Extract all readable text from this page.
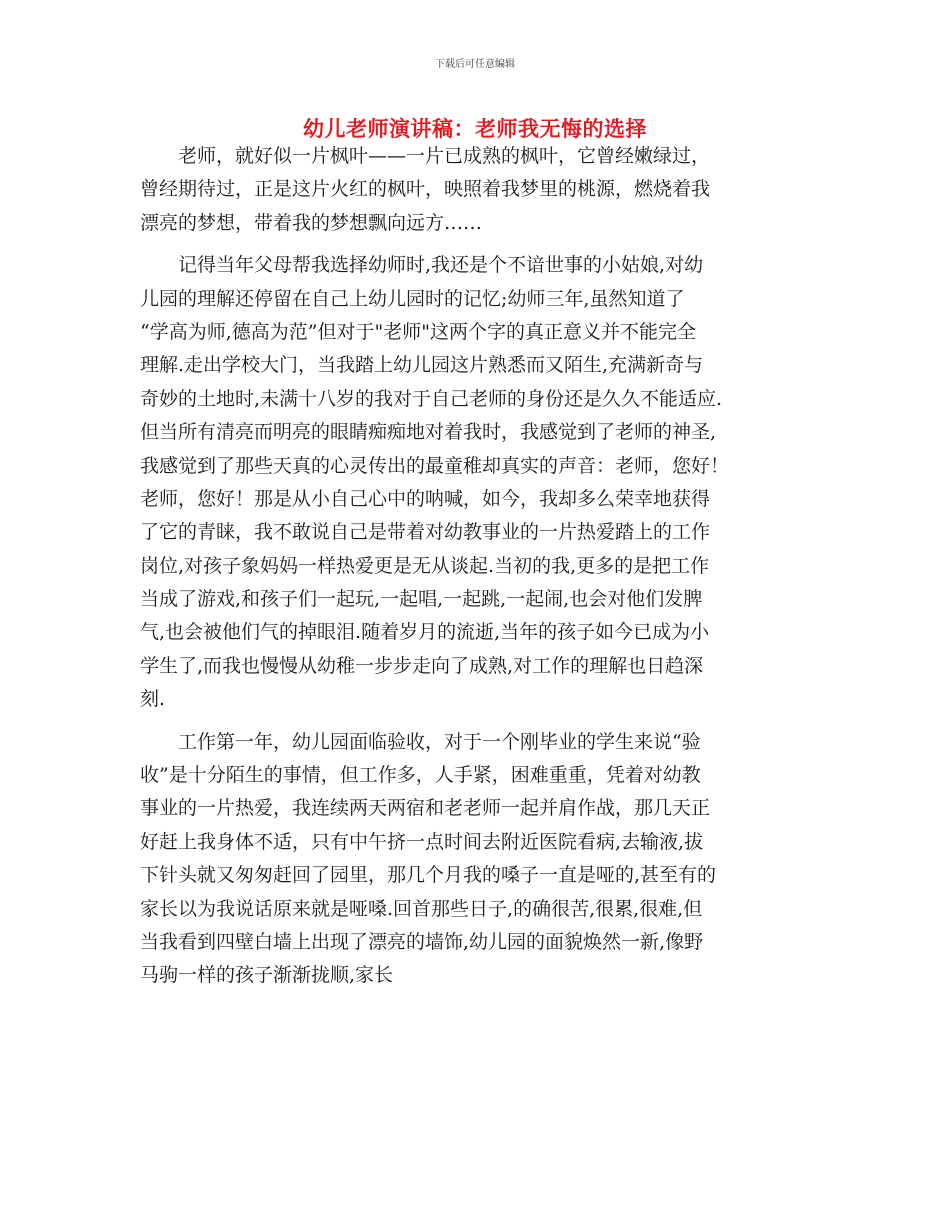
下载后可任意编辑
幼儿老师演讲稿：老师我无悔的选择
　　老师，就好似一片枫叶——一片已成熟的枫叶，它曾经嫩绿过，
曾经期待过，正是这片火红的枫叶，映照着我梦里的桃源，燃烧着我
漂亮的梦想，带着我的梦想飘向远方……
　　记得当年父母帮我选择幼师时,我还是个不谙世事的小姑娘,对幼
儿园的理解还停留在自己上幼儿园时的记忆;幼师三年,虽然知道了
“学高为师,德高为范”但对于"老师"这两个字的真正意义并不能完全
理解.走出学校大门，当我踏上幼儿园这片熟悉而又陌生,充满新奇与
奇妙的土地时,未满十八岁的我对于自己老师的身份还是久久不能适应.
但当所有清亮而明亮的眼睛痴痴地对着我时，我感觉到了老师的神圣,
我感觉到了那些天真的心灵传出的最童稚却真实的声音：老师，您好！
老师，您好！那是从小自己心中的呐喊，如今，我却多么荣幸地获得
了它的青睐，我不敢说自己是带着对幼教事业的一片热爱踏上的工作
岗位,对孩子象妈妈一样热爱更是无从谈起.当初的我,更多的是把工作
当成了游戏,和孩子们一起玩,一起唱,一起跳,一起闹,也会对他们发脾
气,也会被他们气的掉眼泪.随着岁月的流逝,当年的孩子如今已成为小
学生了,而我也慢慢从幼稚一步步走向了成熟,对工作的理解也日趋深
刻.
　　工作第一年，幼儿园面临验收，对于一个刚毕业的学生来说“验
收”是十分陌生的事情，但工作多，人手紧，困难重重，凭着对幼教
事业的一片热爱，我连续两天两宿和老老师一起并肩作战，那几天正
好赶上我身体不适，只有中午挤一点时间去附近医院看病,去输液,拔
下针头就又匆匆赶回了园里，那几个月我的嗓子一直是哑的,甚至有的
家长以为我说话原来就是哑嗓.回首那些日子,的确很苦,很累,很难,但
当我看到四壁白墙上出现了漂亮的墙饰,幼儿园的面貌焕然一新,像野
马驹一样的孩子渐渐拢顺,家长
